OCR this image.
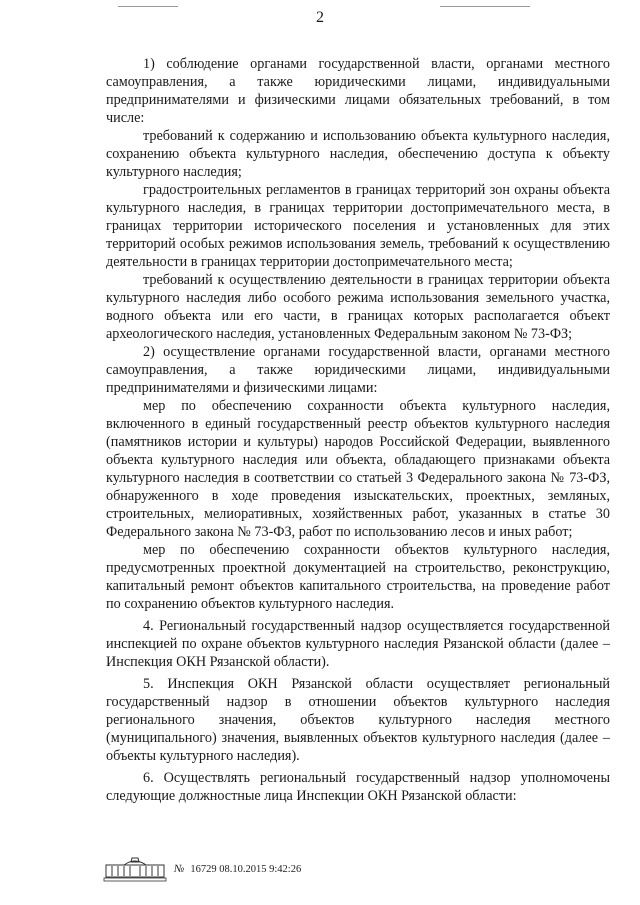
2

1) соблюдение органами государственной власти, органами местного самоуправления, а также юридическими лицами, индивидуальными предпринимателями и физическими лицами обязательных требований, в том числе:

требований к содержанию и использованию объекта культурного наследия, сохранению объекта культурного наследия, обеспечению доступа к объекту культурного наследия;

градостроительных регламентов в границах территорий зон охраны объекта культурного наследия, в границах территории достопримечательного места, в границах территории исторического поселения и установленных для этих территорий особых режимов использования земель, требований к осуществлению деятельности в границах территории достопримечательного места;

требований к осуществлению деятельности в границах территории объекта культурного наследия либо особого режима использования земельного участка, водного объекта или его части, в границах которых располагается объект археологического наследия, установленных Федеральным законом № 73-ФЗ;

2) осуществление органами государственной власти, органами местного самоуправления, а также юридическими лицами, индивидуальными предпринимателями и физическими лицами:

мер по обеспечению сохранности объекта культурного наследия, включенного в единый государственный реестр объектов культурного наследия (памятников истории и культуры) народов Российской Федерации, выявленного объекта культурного наследия или объекта, обладающего признаками объекта культурного наследия в соответствии со статьей 3 Федерального закона № 73-ФЗ, обнаруженного в ходе проведения изыскательских, проектных, земляных, строительных, мелиоративных, хозяйственных работ, указанных в статье 30 Федерального закона № 73-ФЗ, работ по использованию лесов и иных работ;

мер по обеспечению сохранности объектов культурного наследия, предусмотренных проектной документацией на строительство, реконструкцию, капитальный ремонт объектов капитального строительства, на проведение работ по сохранению объектов культурного наследия.

4. Региональный государственный надзор осуществляется государственной инспекцией по охране объектов культурного наследия Рязанской области (далее – Инспекция ОКН Рязанской области).

5. Инспекция ОКН Рязанской области осуществляет региональный государственный надзор в отношении объектов культурного наследия регионального значения, объектов культурного наследия местного (муниципального) значения, выявленных объектов культурного наследия (далее – объекты культурного наследия).

6. Осуществлять региональный государственный надзор уполномочены следующие должностные лица Инспекции ОКН Рязанской области:

№ 16729 08.10.2015 9:42:26
